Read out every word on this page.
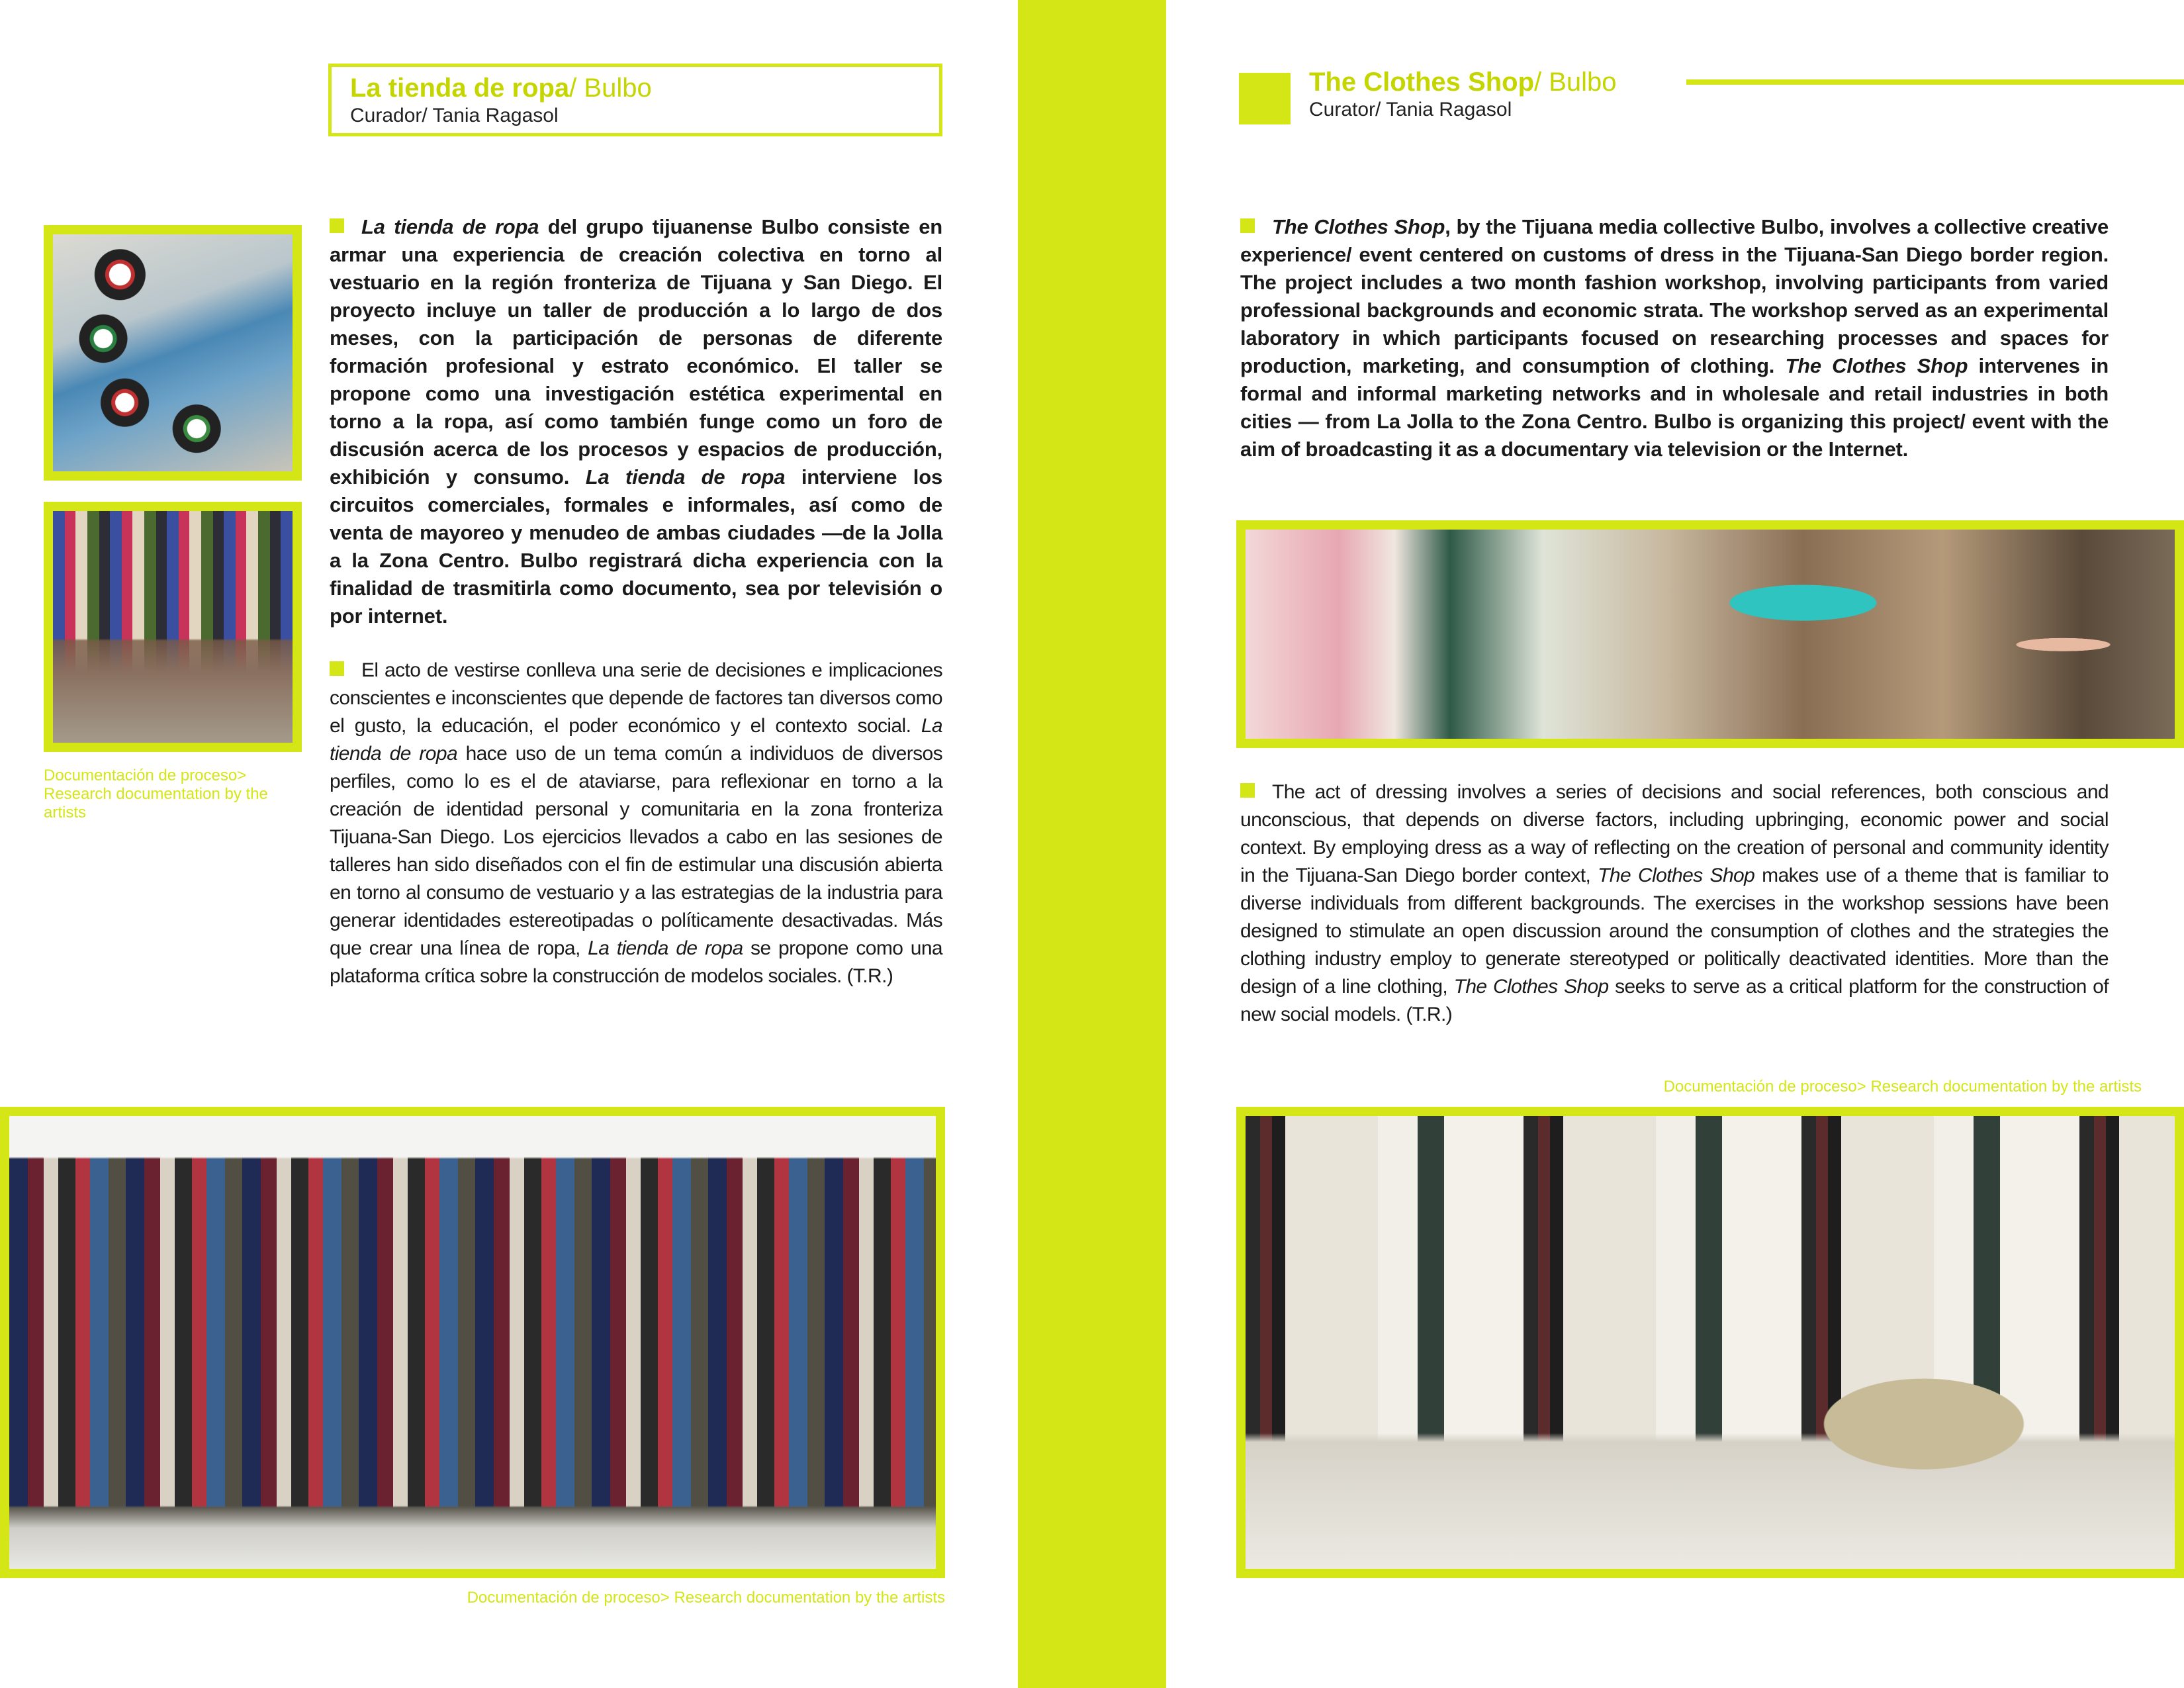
La tienda de ropa/ Bulbo
Curador/ Tania Ragasol
Documentación de proceso> Research documentation by the artists
La tienda de ropa del grupo tijuanense Bulbo consiste en armar una experiencia de creación colectiva en torno al vestuario en la región fronteriza de Tijuana y San Diego. El proyecto incluye un taller de producción a lo largo de dos meses, con la participación de personas de diferente formación profesional y estrato económico. El taller se propone como una investigación estética experimental en torno a la ropa, así como también funge como un foro de discusión acerca de los procesos y espacios de producción, exhibición y consumo. La tienda de ropa interviene los circuitos comerciales, formales e informales, así como de venta de mayoreo y menudeo de ambas ciudades —de la Jolla a la Zona Centro. Bulbo registrará dicha experiencia con la finalidad de trasmitirla como documento, sea por televisión o por internet.
El acto de vestirse conlleva una serie de decisiones e implicaciones conscientes e inconscientes que depende de factores tan diversos como el gusto, la educación, el poder económico y el contexto social. La tienda de ropa hace uso de un tema común a individuos de diversos perfiles, como lo es el de ataviarse, para reflexionar en torno a la creación de identidad personal y comunitaria en la zona fronteriza Tijuana-San Diego. Los ejercicios llevados a cabo en las sesiones de talleres han sido diseñados con el fin de estimular una discusión abierta en torno al consumo de vestuario y a las estrategias de la industria para generar identidades estereotipadas o políticamente desactivadas. Más que crear una línea de ropa, La tienda de ropa se propone como una plataforma crítica sobre la construcción de modelos sociales. (T.R.)
Documentación de proceso> Research documentation by the artists
The Clothes Shop/ Bulbo
Curator/ Tania Ragasol
The Clothes Shop, by the Tijuana media collective Bulbo, involves a collective creative experience/ event centered on customs of dress in the Tijuana-San Diego border region. The project includes a two month fashion workshop, involving participants from varied professional backgrounds and economic strata. The workshop served as an experimental laboratory in which participants focused on researching processes and spaces for production, marketing, and consumption of clothing. The Clothes Shop intervenes in formal and informal marketing networks and in wholesale and retail industries in both cities — from La Jolla to the Zona Centro. Bulbo is organizing this project/ event with the aim of broadcasting it as a documentary via television or the Internet.
The act of dressing involves a series of decisions and social references, both conscious and unconscious, that depends on diverse factors, including upbringing, economic power and social context. By employing dress as a way of reflecting on the creation of personal and community identity in the Tijuana-San Diego border context, The Clothes Shop makes use of a theme that is familiar to diverse individuals from different backgrounds. The exercises in the workshop sessions have been designed to stimulate an open discussion around the consumption of clothes and the strategies the clothing industry employ to generate stereotyped or politically deactivated identities. More than the design of a line clothing, The Clothes Shop seeks to serve as a critical platform for the construction of new social models. (T.R.)
Documentación de proceso> Research documentation by the artists
